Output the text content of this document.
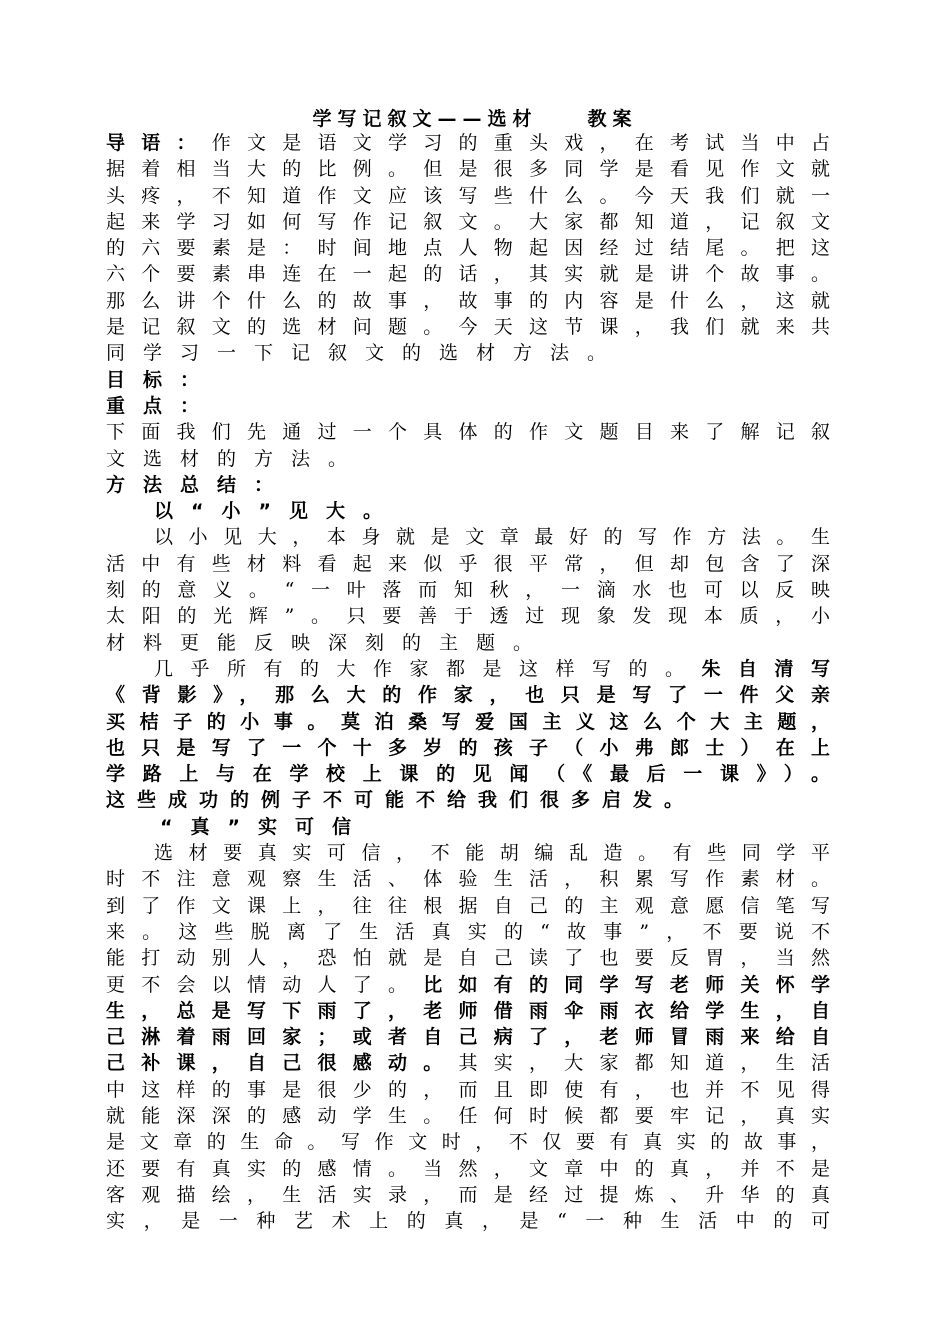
学写记叙文——选材	教案
导语：作文是语文学习的重头戏，在考试当中占
据着相当大的比例。但是很多同学是看见作文就
头疼，不知道作文应该写些什么。今天我们就一
起来学习如何写作记叙文。大家都知道，记叙文
的六要素是：时间地点人物起因经过结尾。把这
六个要素串连在一起的话，其实就是讲个故事。
那么讲个什么的故事，故事的内容是什么，这就
是记叙文的选材问题。今天这节课，我们就来共
同学习一下记叙文的选材方法。
目标：
重点：
下面我们先通过一个具体的作文题目来了解记叙
文选材的方法。
方法总结：
以“小”见大。
以小见大，本身就是文章最好的写作方法。生
活中有些材料看起来似乎很平常，但却包含了深
刻的意义。“一叶落而知秋，一滴水也可以反映
太阳的光辉”。只要善于透过现象发现本质，小
材料更能反映深刻的主题。
几乎所有的大作家都是这样写的。朱自清写
《背影》，那么大的作家，也只是写了一件父亲
买桔子的小事。莫泊桑写爱国主义这么个大主题，
也只是写了一个十多岁的孩子（小弗郎士）在上
学路上与在学校上课的见闻（《最后一课》）。
这些成功的例子不可能不给我们很多启发。
“真”实可信
选材要真实可信，不能胡编乱造。有些同学平
时不注意观察生活、体验生活，积累写作素材。
到了作文课上，往往根据自己的主观意愿信笔写
来。这些脱离了生活真实的“故事”，不要说不
能打动别人，恐怕就是自己读了也要反胃，当然
更不会以情动人了。比如有的同学写老师关怀学
生，总是写下雨了，老师借雨伞雨衣给学生，自
己淋着雨回家；或者自己病了，老师冒雨来给自
己补课，自己很感动。其实，大家都知道，生活
中这样的事是很少的，而且即使有，也并不见得
就能深深的感动学生。任何时候都要牢记，真实
是文章的生命。写作文时，不仅要有真实的故事，
还要有真实的感情。当然，文章中的真，并不是
客观描绘，生活实录，而是经过提炼、升华的真
实，是一种艺术上的真，是“一种生活中的可
